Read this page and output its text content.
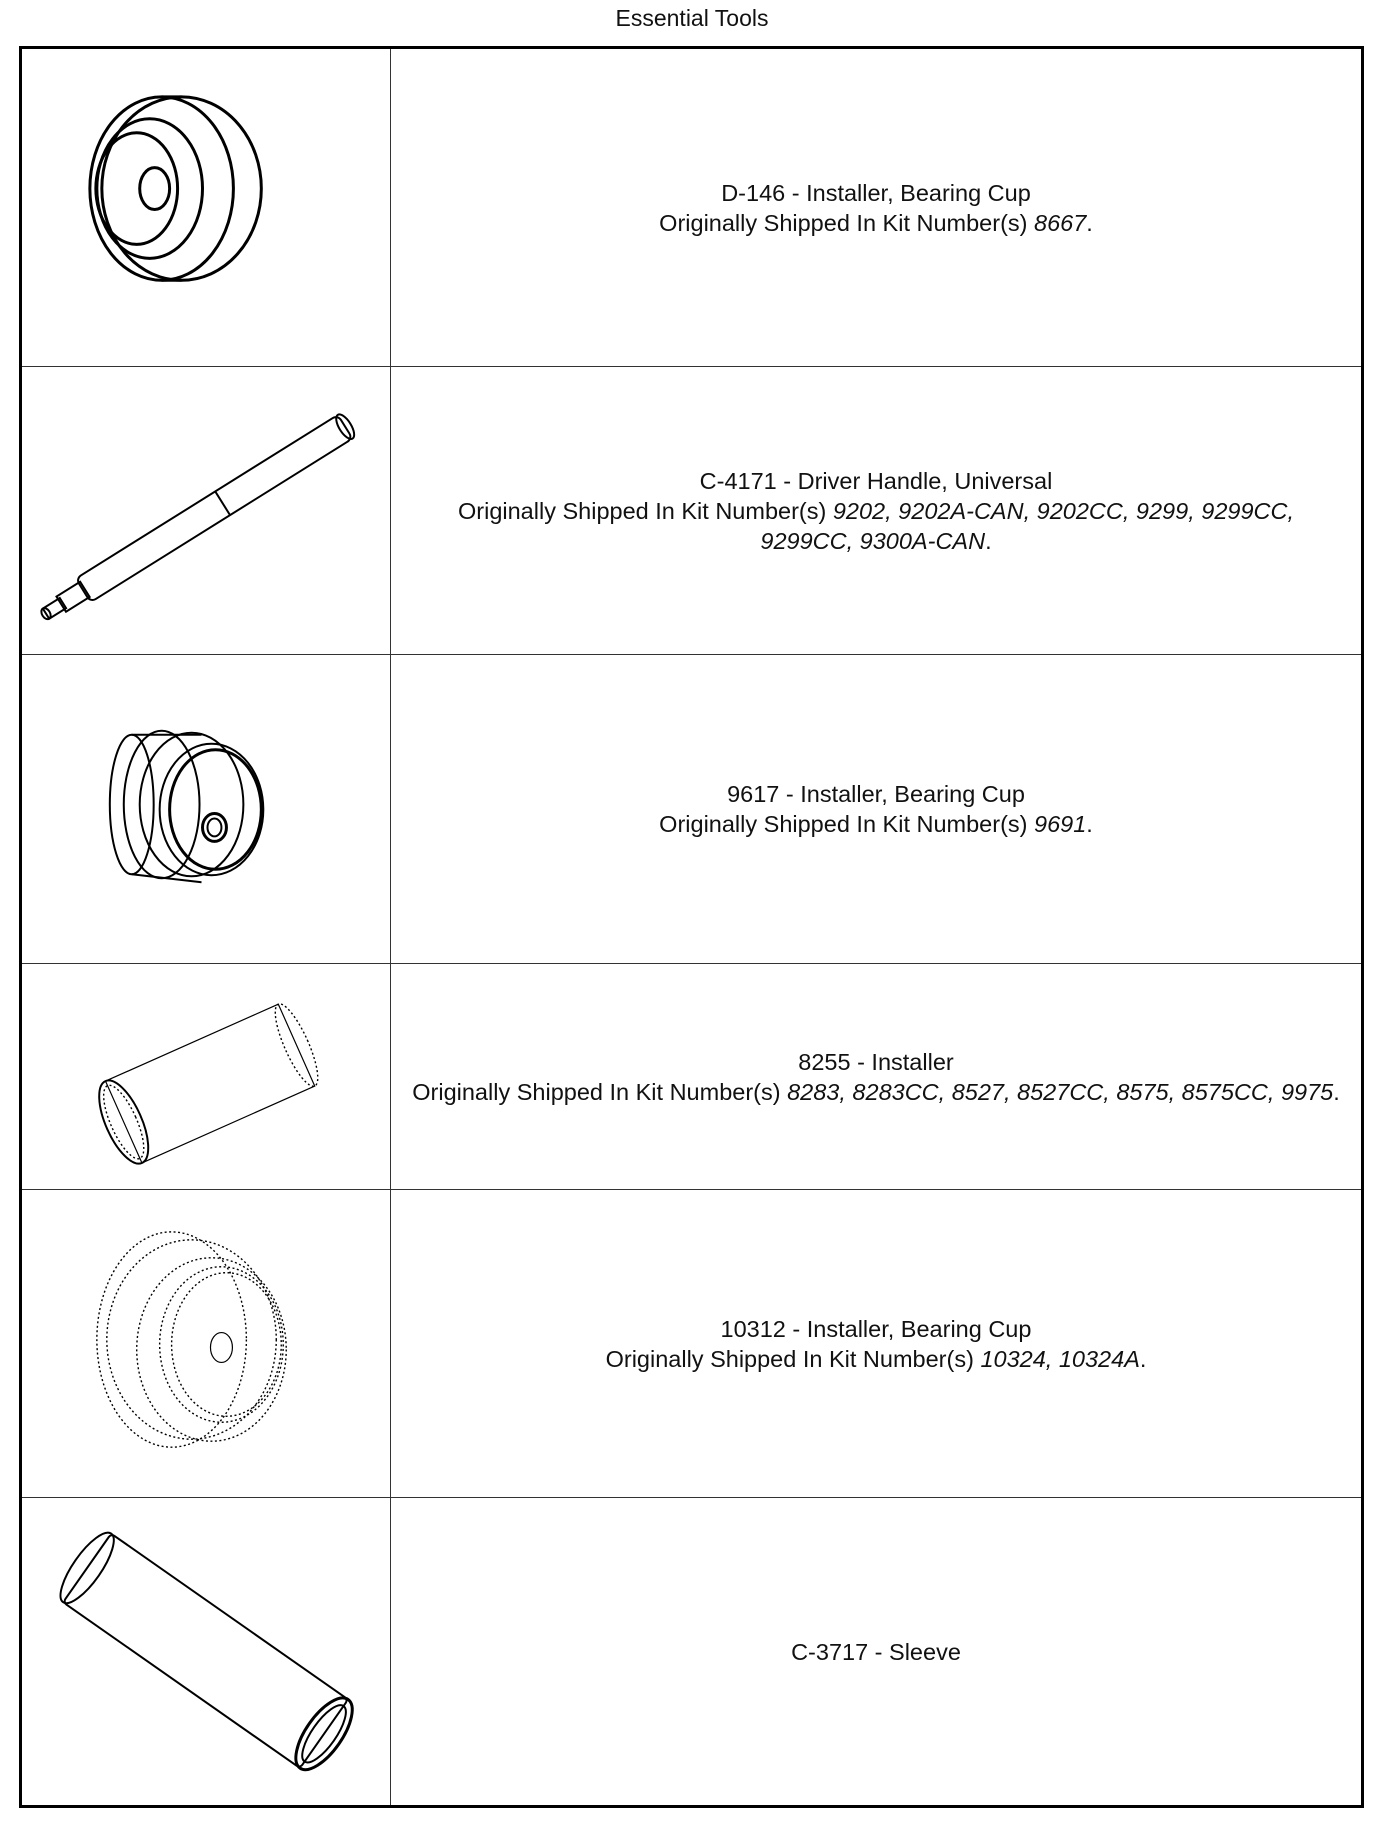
Essential Tools
D-146 - Installer, Bearing Cup
Originally Shipped In Kit Number(s) 8667.
C-4171 - Driver Handle, Universal
Originally Shipped In Kit Number(s) 9202, 9202A-CAN, 9202CC, 9299, 9299CC, 9299CC, 9300A-CAN.
9617 - Installer, Bearing Cup
Originally Shipped In Kit Number(s) 9691.
8255 - Installer
Originally Shipped In Kit Number(s) 8283, 8283CC, 8527, 8527CC, 8575, 8575CC, 9975.
10312 - Installer, Bearing Cup
Originally Shipped In Kit Number(s) 10324, 10324A.
C-3717 - Sleeve
